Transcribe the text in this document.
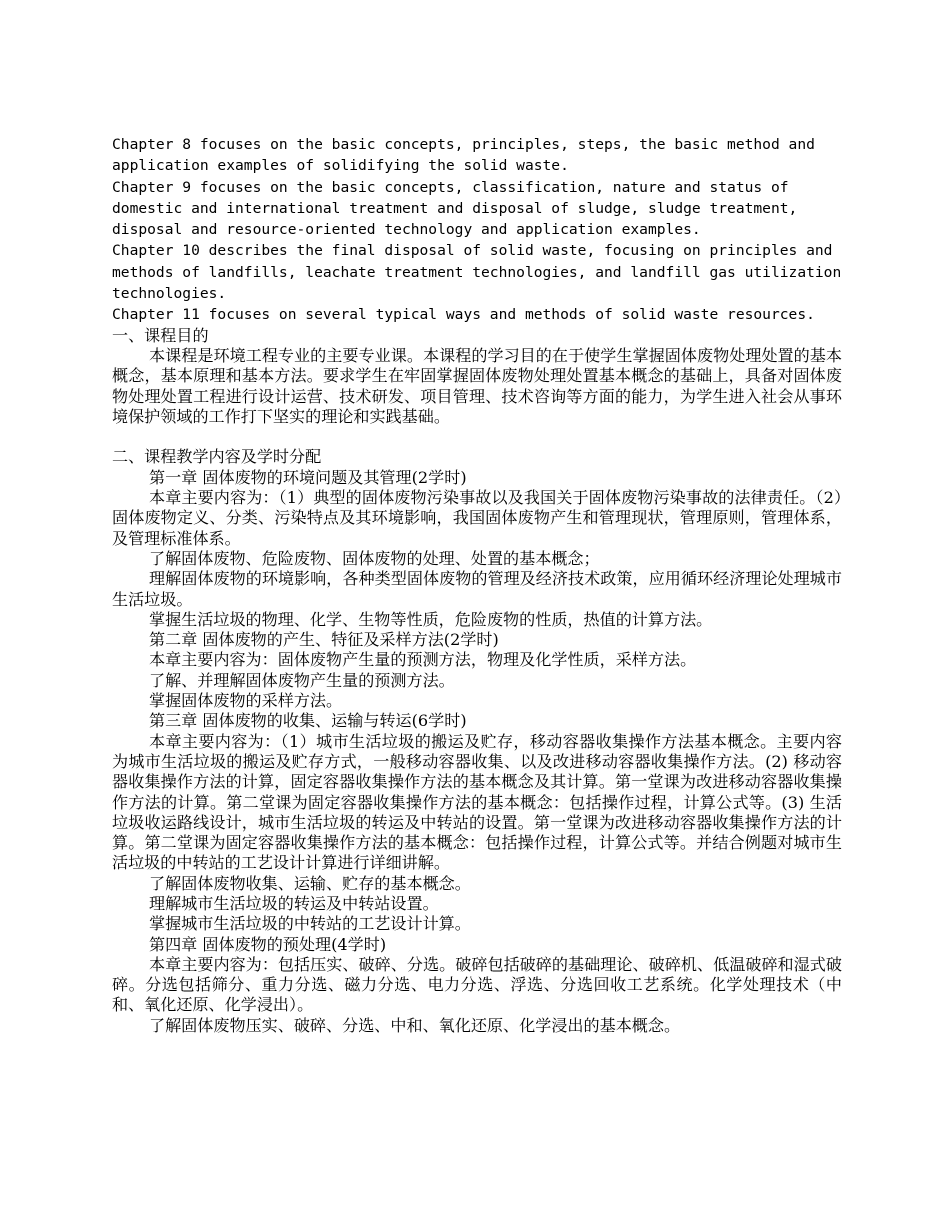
Chapter 8 focuses on the basic concepts, principles, steps, the basic method and application examples of solidifying the solid waste.

Chapter 9 focuses on the basic concepts, classification, nature and status of domestic and international treatment and disposal of sludge, sludge treatment, disposal and resource-oriented technology and application examples.

Chapter 10 describes the final disposal of solid waste, focusing on principles and methods of landfills, leachate treatment technologies, and landfill gas utilization technologies.

Chapter 11 focuses on several typical ways and methods of solid waste resources.

一、课程目的

本课程是环境工程专业的主要专业课。本课程的学习目的在于使学生掌握固体废物处理处置的基本概念，基本原理和基本方法。要求学生在牢固掌握固体废物处理处置基本概念的基础上，具备对固体废物处理处置工程进行设计运营、技术研发、项目管理、技术咨询等方面的能力，为学生进入社会从事环境保护领域的工作打下坚实的理论和实践基础。

二、课程教学内容及学时分配

第一章 固体废物的环境问题及其管理(2学时)

本章主要内容为：（1）典型的固体废物污染事故以及我国关于固体废物污染事故的法律责任。（2）固体废物定义、分类、污染特点及其环境影响，我国固体废物产生和管理现状，管理原则，管理体系，及管理标准体系。

了解固体废物、危险废物、固体废物的处理、处置的基本概念；

理解固体废物的环境影响，各种类型固体废物的管理及经济技术政策，应用循环经济理论处理城市生活垃圾。

掌握生活垃圾的物理、化学、生物等性质，危险废物的性质，热值的计算方法。

第二章 固体废物的产生、特征及采样方法(2学时)

本章主要内容为：固体废物产生量的预测方法，物理及化学性质，采样方法。

了解、并理解固体废物产生量的预测方法。

掌握固体废物的采样方法。

第三章 固体废物的收集、运输与转运(6学时)

本章主要内容为：（1）城市生活垃圾的搬运及贮存，移动容器收集操作方法基本概念。主要内容为城市生活垃圾的搬运及贮存方式，一般移动容器收集、以及改进移动容器收集操作方法。(2) 移动容器收集操作方法的计算，固定容器收集操作方法的基本概念及其计算。第一堂课为改进移动容器收集操作方法的计算。第二堂课为固定容器收集操作方法的基本概念：包括操作过程，计算公式等。(3) 生活垃圾收运路线设计，城市生活垃圾的转运及中转站的设置。第一堂课为改进移动容器收集操作方法的计算。第二堂课为固定容器收集操作方法的基本概念：包括操作过程，计算公式等。并结合例题对城市生活垃圾的中转站的工艺设计计算进行详细讲解。

了解固体废物收集、运输、贮存的基本概念。

理解城市生活垃圾的转运及中转站设置。

掌握城市生活垃圾的中转站的工艺设计计算。

第四章 固体废物的预处理(4学时)

本章主要内容为：包括压实、破碎、分选。破碎包括破碎的基础理论、破碎机、低温破碎和湿式破碎。分选包括筛分、重力分选、磁力分选、电力分选、浮选、分选回收工艺系统。化学处理技术（中和、氧化还原、化学浸出）。

了解固体废物压实、破碎、分选、中和、氧化还原、化学浸出的基本概念。
